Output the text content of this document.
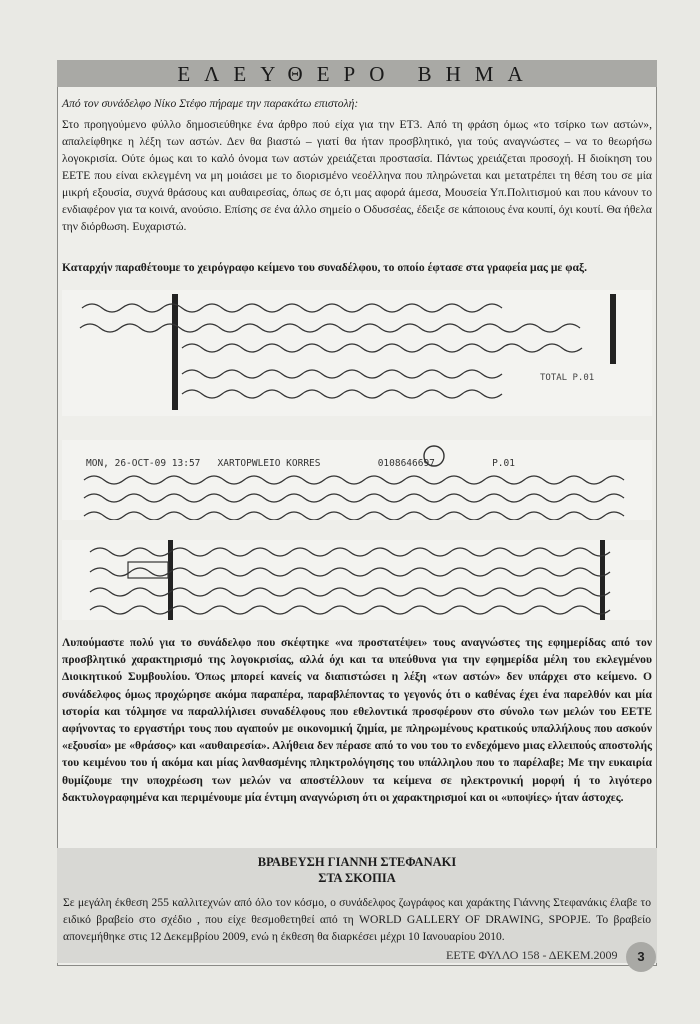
ΕΛΕΥΘΕΡΟ ΒΗΜΑ

Από τον συνάδελφο Νίκο Στέφο πήραμε την παρακάτω επιστολή:

Στο προηγούμενο φύλλο δημοσιεύθηκε ένα άρθρο πού είχα για την ΕΤ3. Από τη φράση όμως «το τσίρκο των αστών», απαλείφθηκε η λέξη των αστών. Δεν θα βιαστώ – γιατί θα ήταν προσβλητικό, για τούς αναγνώστες – να το θεωρήσω λογοκρισία. Ούτε όμως και το καλό όνομα των αστών χρειάζεται προστασία. Πάντως χρειάζεται προσοχή. Η διοίκηση του ΕΕΤΕ που είναι εκλεγμένη να μη μοιάσει με το διορισμένο νεοέλληνα που πληρώνεται και μετατρέπει τη θέση του σε μία μικρή εξουσία, συχνά θράσους και αυθαιρεσίας, όπως σε ό,τι μας αφορά άμεσα, Μουσεία Υπ.Πολιτισμού και που κάνουν το ενδιαφέρον για τα κοινά, ανούσιο. Επίσης σε ένα άλλο σημείο ο Οδυσσέας, έδειξε σε κάποιους ένα κουπί, όχι κουτί. Θα ήθελα την διόρθωση. Ευχαριστώ.

Καταρχήν παραθέτουμε το χειρόγραφο κείμενο του συναδέλφου, το οποίο έφτασε στα γραφεία μας με φαξ.
TOTAL P.01
MON, 26-OCT-09 13:57   XARTOPWLEIO KORRES          0108646697          P.01
Λυπούμαστε πολύ για το συνάδελφο που σκέφτηκε «να προστατέψει» τους αναγνώστες της εφημερίδας από τον προσβλητικό χαρακτηρισμό της λογοκρισίας, αλλά όχι και τα υπεύθυνα για την εφημερίδα μέλη του εκλεγμένου Διοικητικού Συμβουλίου. Όπως μπορεί κανείς να διαπιστώσει η λέξη «των αστών» δεν υπάρχει στο κείμενο. Ο συνάδελφος όμως προχώρησε ακόμα παραπέρα, παραβλέποντας το γεγονός ότι ο καθένας έχει ένα παρελθόν και μία ιστορία και τόλμησε να παραλλήλισει συναδέλφους που εθελοντικά προσφέρουν στο σύνολο των μελών του ΕΕΤΕ αφήνοντας το εργαστήρι τους που αγαπούν με οικονομική ζημία, με πληρωμένους κρατικούς υπαλλήλους που ασκούν «εξουσία» με «θράσος» και «αυθαιρεσία». Αλήθεια δεν πέρασε από το νου του το ενδεχόμενο μιας ελλειπούς αποστολής του κειμένου του ή ακόμα και μίας λανθασμένης πληκτρολόγησης του υπάλληλου που το παρέλαβε; Με την ευκαιρία θυμίζουμε την υποχρέωση των μελών να αποστέλλουν τα κείμενα σε ηλεκτρονική μορφή ή το λιγότερο δακτυλογραφημένα και περιμένουμε μία έντιμη αναγνώριση ότι οι χαρακτηρισμοί και οι «υποψίες» ήταν άστοχες.
ΒΡΑΒΕΥΣΗ ΓΙΑΝΝΗ ΣΤΕΦΑΝΑΚΙ
ΣΤΑ ΣΚΟΠΙΑ

Σε μεγάλη έκθεση 255 καλλιτεχνών από όλο τον κόσμο, ο συνάδελφος ζωγράφος και χαράκτης Γιάννης Στεφανάκις έλαβε το ειδικό βραβείο στο σχέδιο , που είχε θεσμοθετηθεί από τη WORLD GALLERY OF DRAWING, SPOPJE. Το βραβείο απονεμήθηκε στις 12 Δεκεμβρίου 2009, ενώ η έκθεση θα διαρκέσει μέχρι 10 Ιανουαρίου 2010.

ΕΕΤΕ ΦΥΛΛΟ 158 - ΔΕΚΕΜ.2009	3
